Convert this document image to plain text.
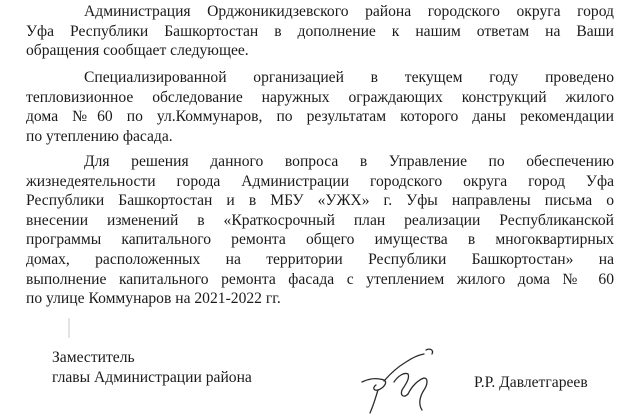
Администрация Орджоникидзевского района городского округа город
Уфа Республики Башкортостан в дополнение к нашим ответам на Ваши
обращения сообщает следующее.
Специализированной организацией в текущем году проведено
тепловизионное обследование наружных ограждающих конструкций жилого
дома №60 по ул.Коммунаров, по результатам которого даны рекомендации
по утеплению фасада.
Для решения данного вопроса в Управление по обеспечению
жизнедеятельности города Администрации городского округа город Уфа
Республики Башкортостан и в МБУ «УЖХ» г. Уфы направлены письма о
внесении изменений в «Краткосрочный план реализации Республиканской
программы капитального ремонта общего имущества в многоквартирных
домах, расположенных на территории Республики Башкортостан» на
выполнение капитального ремонта фасада с утеплением жилого дома № 60
по улице Коммунаров на 2021-2022 гг.
Заместитель
главы Администрации района	Р.Р. Давлетгареев
